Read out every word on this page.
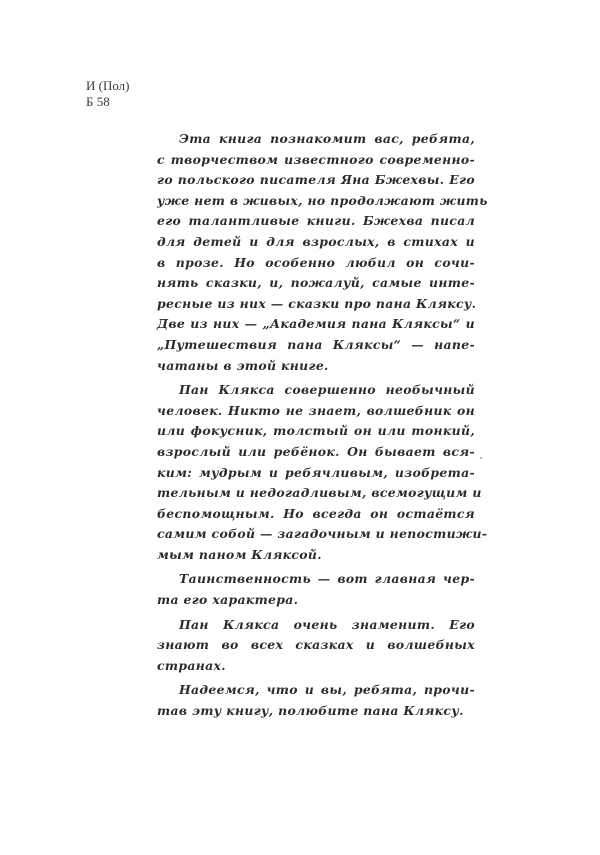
И (Пол)
Б 58
Эта книга познакомит вас, ребята,
с творчеством известного современно-
го польского писателя Яна Бжехвы. Его
уже нет в живых, но продолжают жить
его талантливые книги. Бжехва писал
для детей и для взрослых, в стихах и
в прозе. Но особенно любил он сочи-
нять сказки, и, пожалуй, самые инте-
ресные из них — сказки про пана Кляксу.
Две из них — „Академия пана Кляксы“ и
„Путешествия пана Кляксы“ — напе-
чатаны в этой книге.
Пан Клякса совершенно необычный
человек. Никто не знает, волшебник он
или фокусник, толстый он или тонкий,
взрослый или ребёнок. Он бывает вся-
ким: мудрым и ребячливым, изобрета-
тельным и недогадливым, всемогущим и
беспомощным. Но всегда он остаётся
самим собой — загадочным и непостижи-
мым паном Кляксой.
Таинственность — вот главная чер-
та его характера.
Пан Клякса очень знаменит. Его
знают во всех сказках и волшебных
странах.
Надеемся, что и вы, ребята, прочи-
тав эту книгу, полюбите пана Кляксу.
